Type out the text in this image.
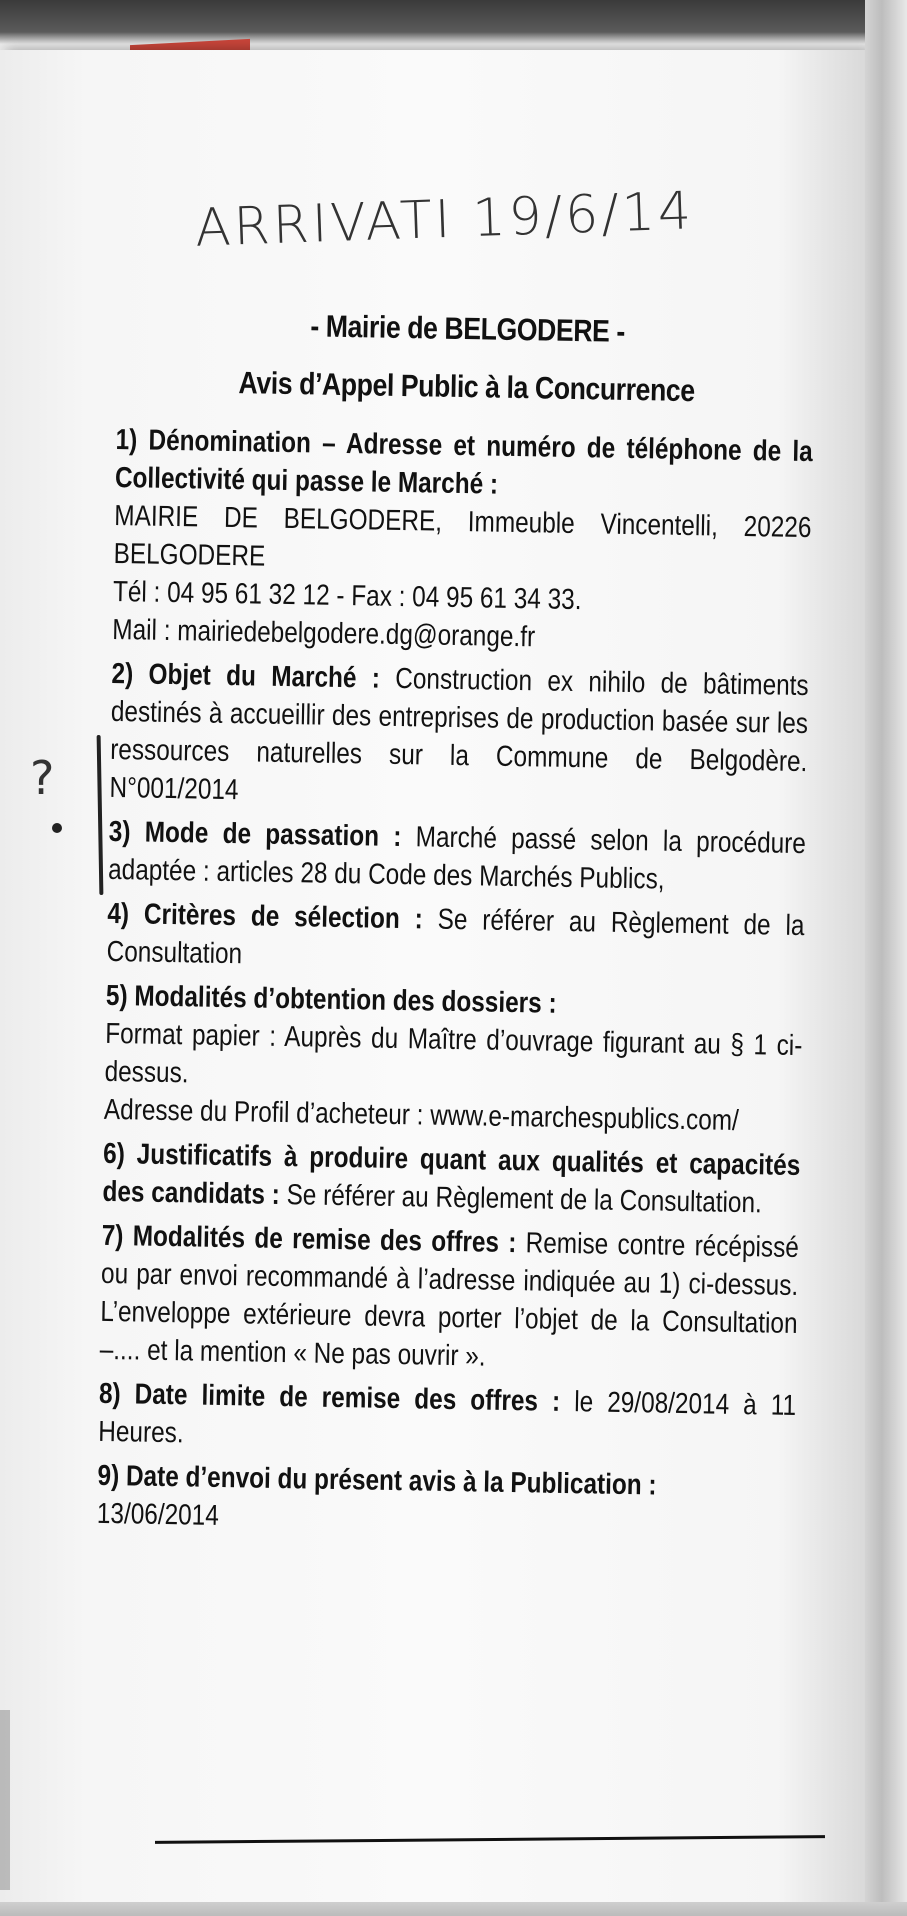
ARRIVATI 19/6/14
?
- Mairie de BELGODERE -
Avis d’Appel Public à la Concurrence
1) Dénomination – Adresse et numéro de téléphone de la Collectivité qui passe le Marché :
MAIRIE DE BELGODERE, Immeuble Vincentelli, 20226 BELGODERE
Tél : 04 95 61 32 12 - Fax : 04 95 61 34 33.
Mail : mairiedebelgodere.dg@orange.fr
2) Objet du Marché : Construction ex nihilo de bâtiments destinés à accueillir des entreprises de production basée sur les ressources naturelles sur la Commune de Belgodère. N°001/2014
3) Mode de passation : Marché passé selon la procédure adaptée : articles 28 du Code des Marchés Publics,
4) Critères de sélection : Se référer au Règlement de la Consultation
5) Modalités d’obtention des dossiers :
Format papier : Auprès du Maître d’ouvrage figurant au § 1 ci-dessus.
Adresse du Profil d’acheteur : www.e-marchespublics.com/
6) Justificatifs à produire quant aux qualités et capacités des candidats : Se référer au Règlement de la Consultation.
7) Modalités de remise des offres : Remise contre récépissé ou par envoi recommandé à l’adresse indiquée au 1) ci-dessus. L’enveloppe extérieure devra porter l’objet de la Consultation –.... et la mention « Ne pas ouvrir ».
8) Date limite de remise des offres : le 29/08/2014 à 11 Heures.
9) Date d’envoi du présent avis à la Publication :
13/06/2014
